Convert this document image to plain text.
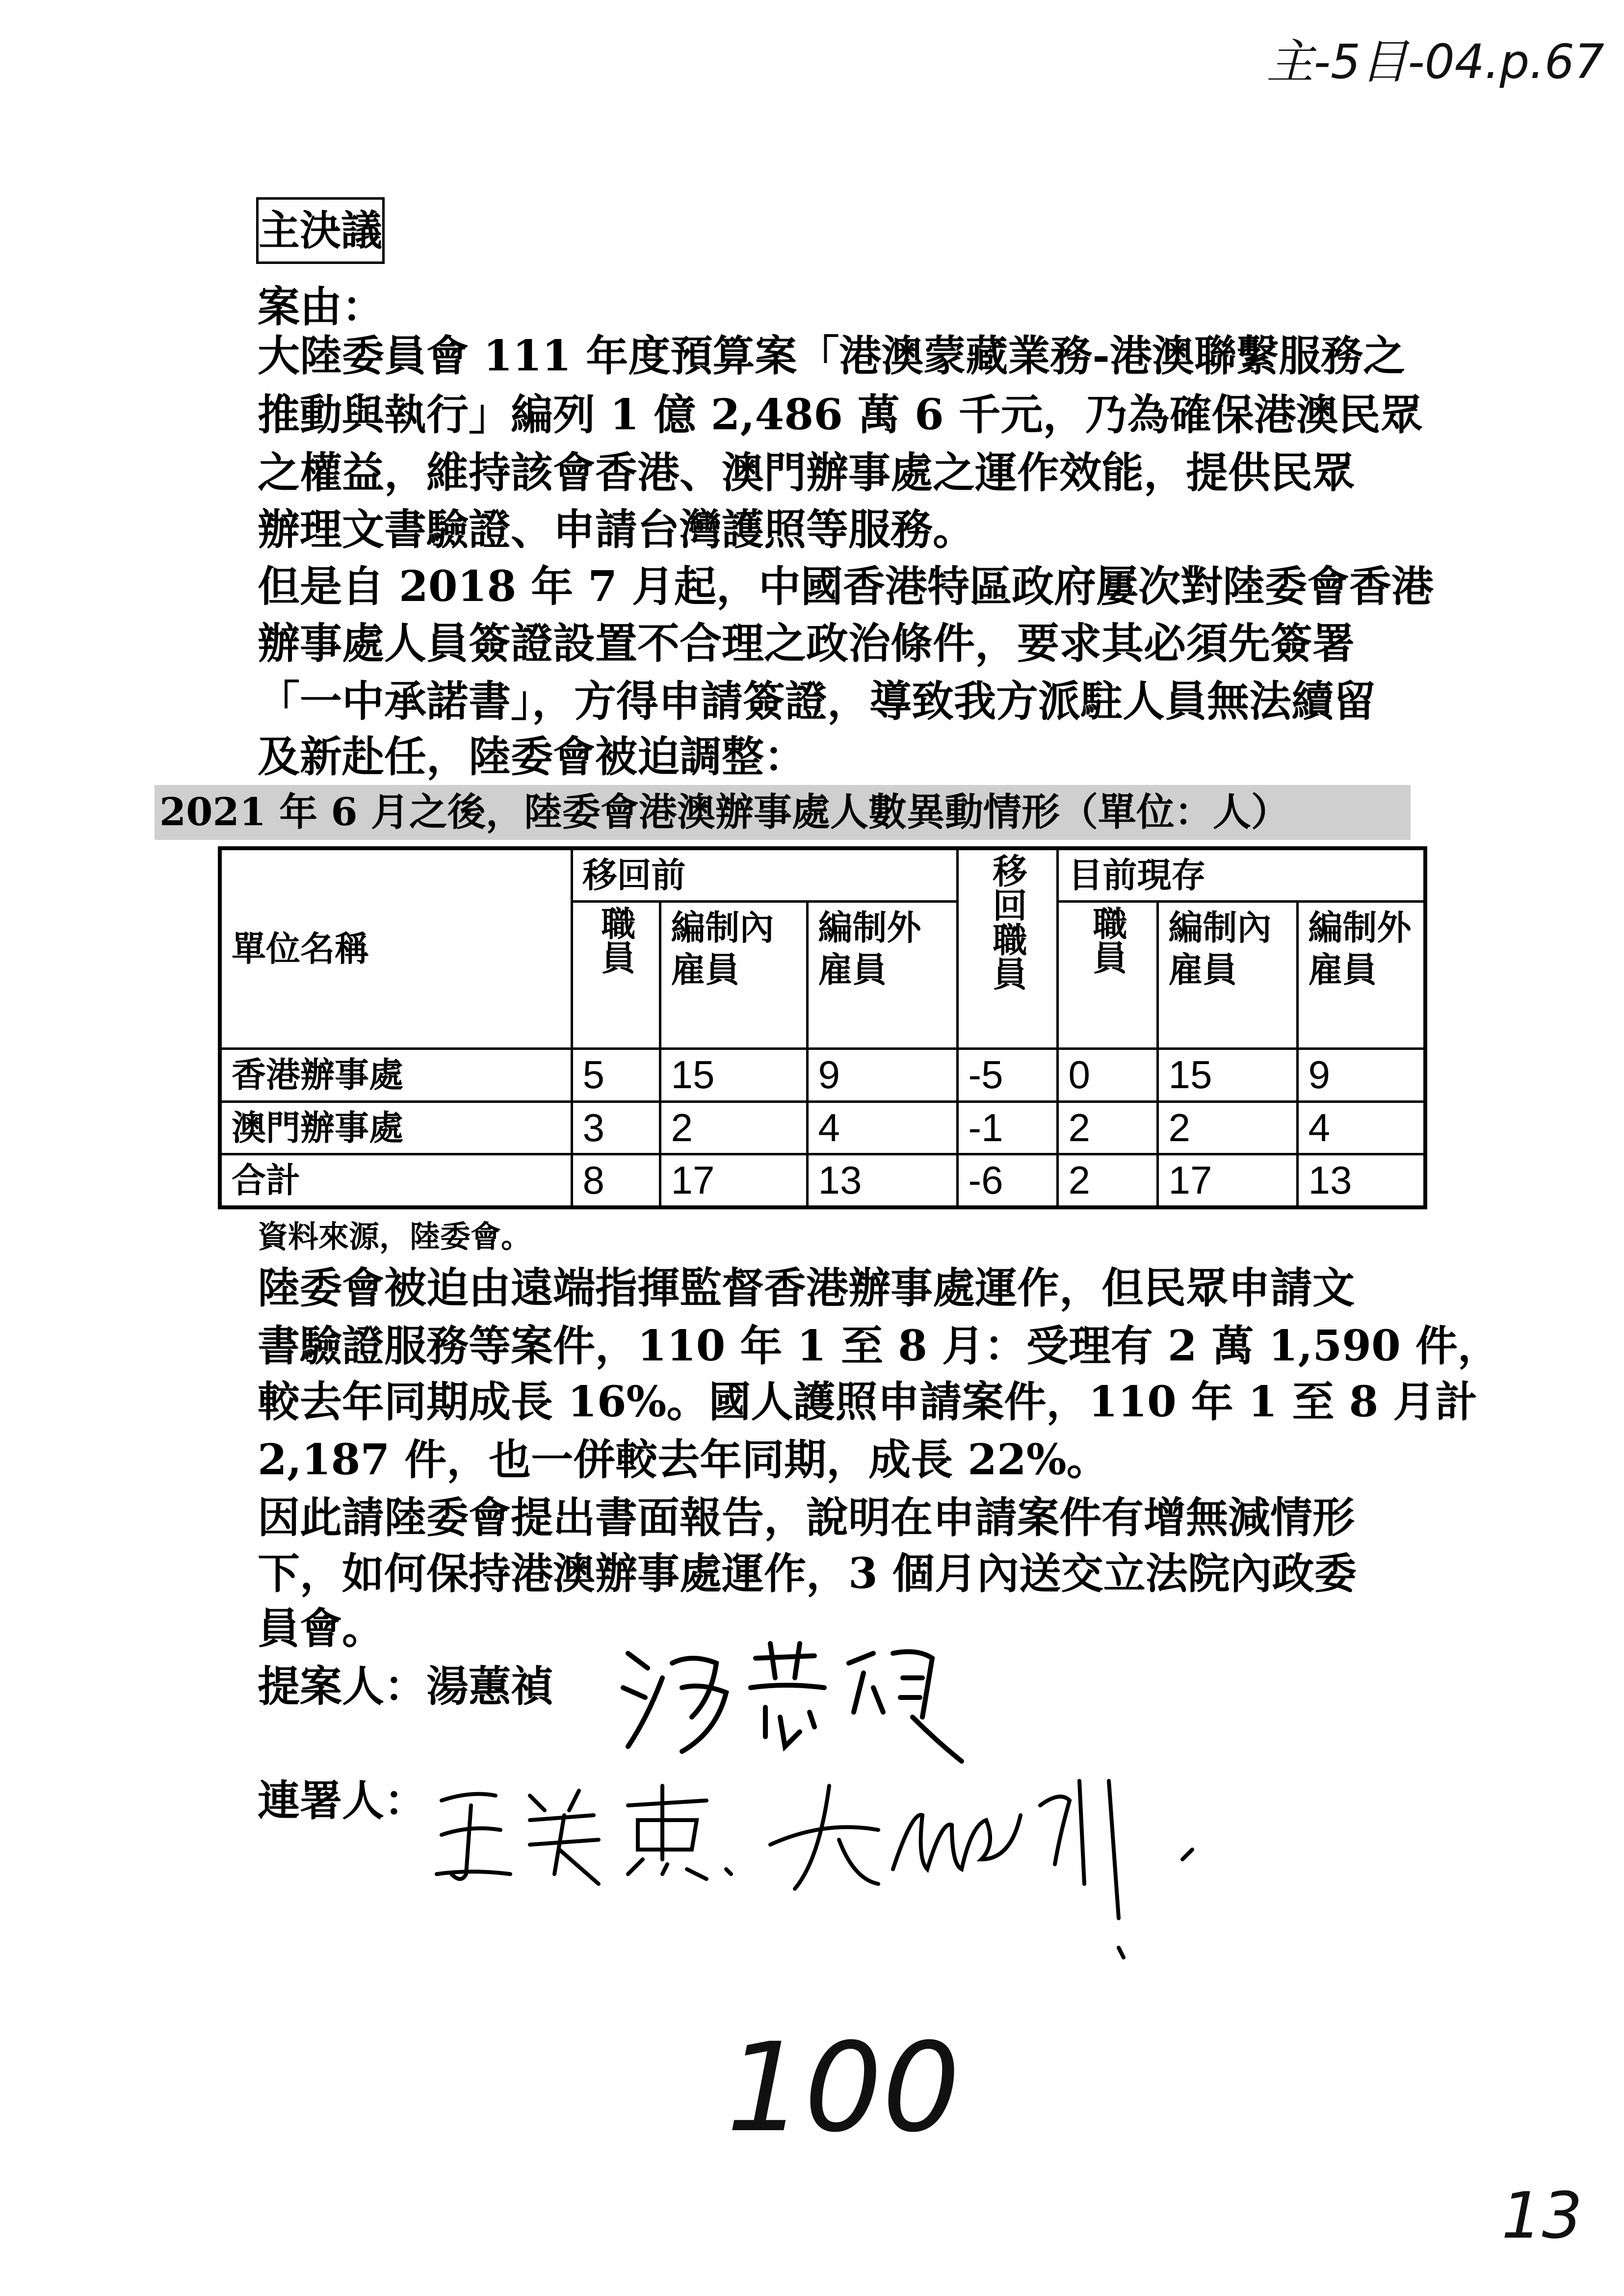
主-5目-04.p.67
主決議
案由：
大陸委員會 111 年度預算案「港澳蒙藏業務-港澳聯繫服務之
推動與執行」編列 1 億 2,486 萬 6 千元，乃為確保港澳民眾
之權益，維持該會香港、澳門辦事處之運作效能，提供民眾
辦理文書驗證、申請台灣護照等服務。
但是自 2018 年 7 月起，中國香港特區政府屢次對陸委會香港
辦事處人員簽證設置不合理之政治條件，要求其必須先簽署
「一中承諾書」，方得申請簽證，導致我方派駐人員無法續留
及新赴任，陸委會被迫調整：
2021 年 6 月之後，陸委會港澳辦事處人數異動情形（單位：人）
單位名稱	移回前			移回職員	目前現存		
	職員	編制內雇員	編制外雇員		職員	編制內雇員	編制外雇員
香港辦事處	5	15	9	-5	0	15	9
澳門辦事處	3	2	4	-1	2	2	4
合計	8	17	13	-6	2	17	13
資料來源，陸委會。
陸委會被迫由遠端指揮監督香港辦事處運作，但民眾申請文
書驗證服務等案件，110 年 1 至 8 月：受理有 2 萬 1,590 件，
較去年同期成長 16%。國人護照申請案件，110 年 1 至 8 月計
2,187 件，也一併較去年同期，成長 22%。
因此請陸委會提出書面報告，說明在申請案件有增無減情形
下，如何保持港澳辦事處運作，3 個月內送交立法院內政委
員會。
提案人：湯蕙禎
連署人：
100
13
